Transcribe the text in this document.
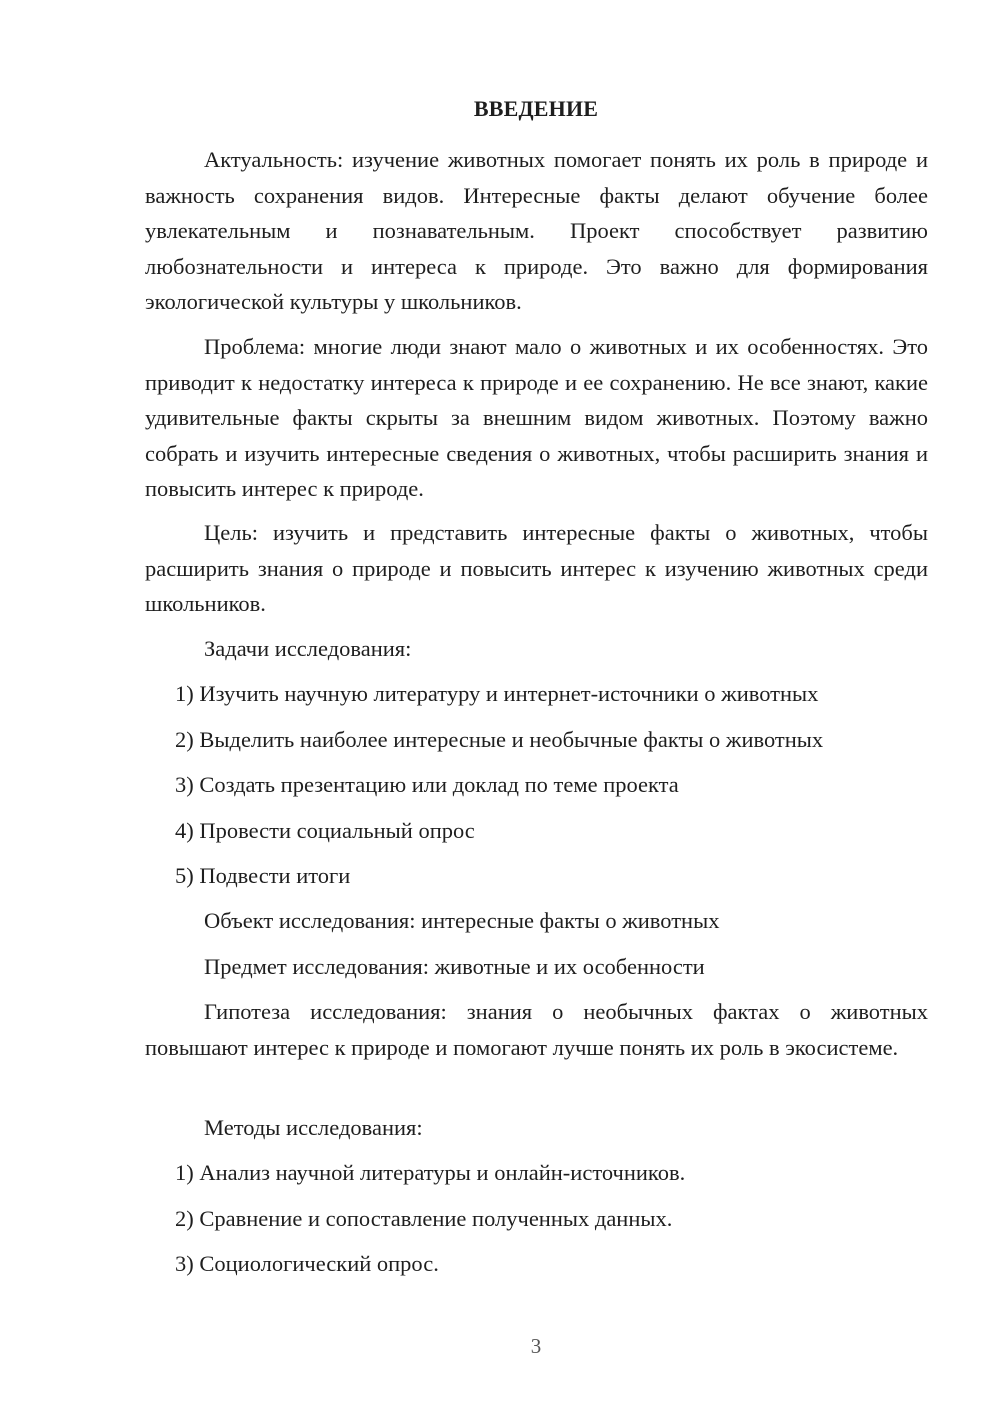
ВВЕДЕНИЕ

Актуальность: изучение животных помогает понять их роль в природе и важность сохранения видов. Интересные факты делают обучение более увлекательным и познавательным. Проект способствует развитию любознательности и интереса к природе. Это важно для формирования экологической культуры у школьников.

Проблема: многие люди знают мало о животных и их особенностях. Это приводит к недостатку интереса к природе и ее сохранению. Не все знают, какие удивительные факты скрыты за внешним видом животных. Поэтому важно собрать и изучить интересные сведения о животных, чтобы расширить знания и повысить интерес к природе.

Цель: изучить и представить интересные факты о животных, чтобы расширить знания о природе и повысить интерес к изучению животных среди школьников.

Задачи исследования:
1) Изучить научную литературу и интернет-источники о животных
2) Выделить наиболее интересные и необычные факты о животных
3) Создать презентацию или доклад по теме проекта
4) Провести социальный опрос
5) Подвести итоги
Объект исследования: интересные факты о животных
Предмет исследования: животные и их особенности

Гипотеза исследования: знания о необычных фактах о животных повышают интерес к природе и помогают лучше понять их роль в экосистеме.

Методы исследования:
1) Анализ научной литературы и онлайн-источников.
2) Сравнение и сопоставление полученных данных.
3) Социологический опрос.
3
